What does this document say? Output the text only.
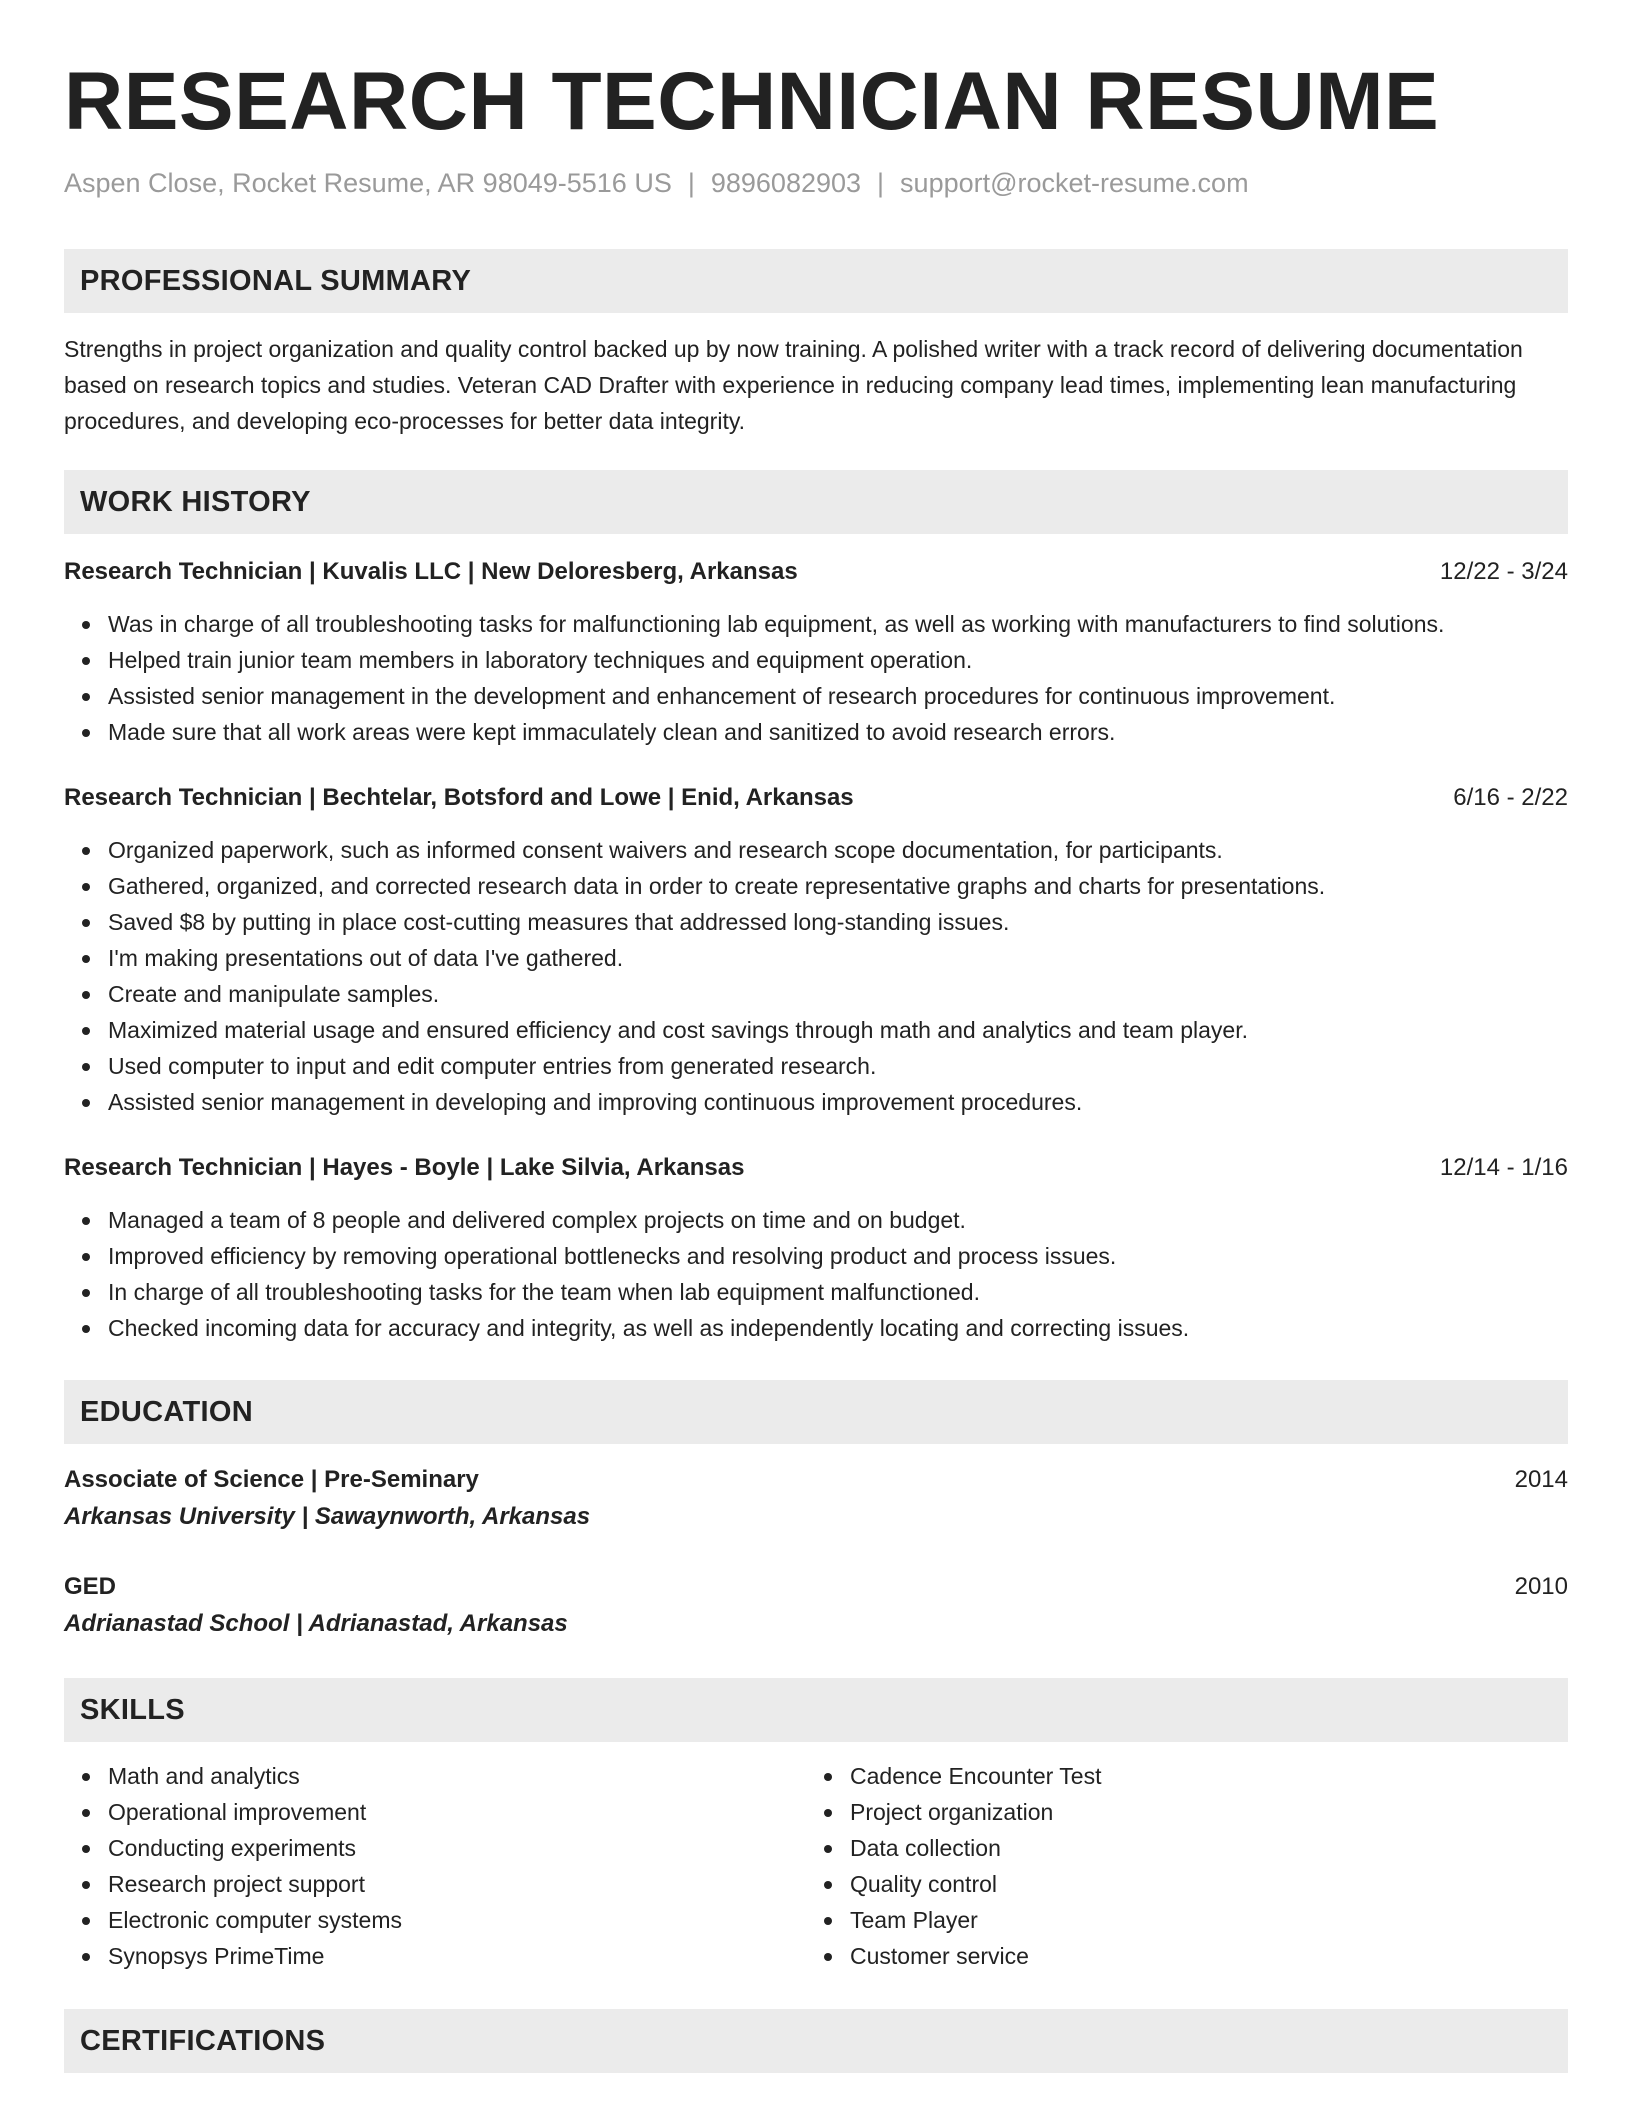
RESEARCH TECHNICIAN RESUME
Aspen Close, Rocket Resume, AR 98049-5516 US | 9896082903 | support@rocket-resume.com
PROFESSIONAL SUMMARY
Strengths in project organization and quality control backed up by now training. A polished writer with a track record of delivering documentation based on research topics and studies. Veteran CAD Drafter with experience in reducing company lead times, implementing lean manufacturing procedures, and developing eco-processes for better data integrity.
WORK HISTORY
Research Technician | Kuvalis LLC | New Deloresberg, Arkansas	12/22 - 3/24
Was in charge of all troubleshooting tasks for malfunctioning lab equipment, as well as working with manufacturers to find solutions.
Helped train junior team members in laboratory techniques and equipment operation.
Assisted senior management in the development and enhancement of research procedures for continuous improvement.
Made sure that all work areas were kept immaculately clean and sanitized to avoid research errors.
Research Technician | Bechtelar, Botsford and Lowe | Enid, Arkansas	6/16 - 2/22
Organized paperwork, such as informed consent waivers and research scope documentation, for participants.
Gathered, organized, and corrected research data in order to create representative graphs and charts for presentations.
Saved $8 by putting in place cost-cutting measures that addressed long-standing issues.
I'm making presentations out of data I've gathered.
Create and manipulate samples.
Maximized material usage and ensured efficiency and cost savings through math and analytics and team player.
Used computer to input and edit computer entries from generated research.
Assisted senior management in developing and improving continuous improvement procedures.
Research Technician | Hayes - Boyle | Lake Silvia, Arkansas	12/14 - 1/16
Managed a team of 8 people and delivered complex projects on time and on budget.
Improved efficiency by removing operational bottlenecks and resolving product and process issues.
In charge of all troubleshooting tasks for the team when lab equipment malfunctioned.
Checked incoming data for accuracy and integrity, as well as independently locating and correcting issues.
EDUCATION
Associate of Science | Pre-Seminary	2014
Arkansas University | Sawaynworth, Arkansas
GED	2010
Adrianastad School | Adrianastad, Arkansas
SKILLS
Math and analytics
Operational improvement
Conducting experiments
Research project support
Electronic computer systems
Synopsys PrimeTime
Cadence Encounter Test
Project organization
Data collection
Quality control
Team Player
Customer service
CERTIFICATIONS
